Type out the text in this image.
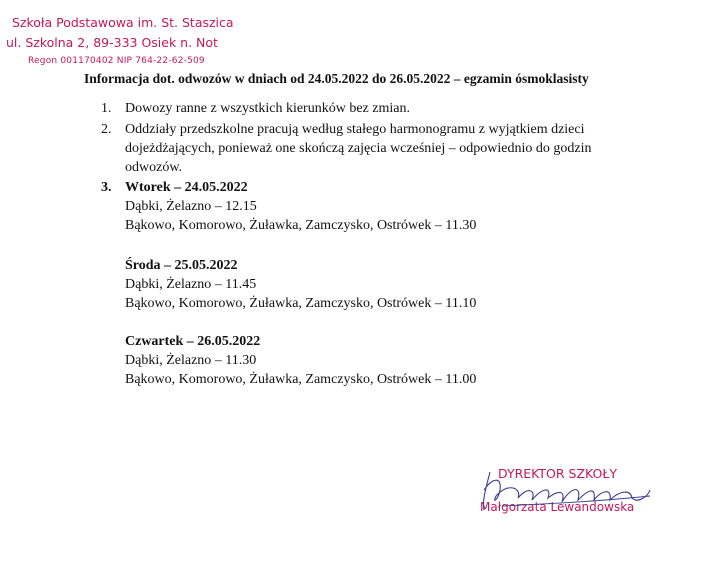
Szkoła Podstawowa im. St. Staszica
ul. Szkolna 2, 89-333 Osiek n. Not
Regon 001170402 NIP 764-22-62-509
Informacja dot. odwozów w dniach od 24.05.2022 do 26.05.2022 – egzamin ósmoklasisty
1. Dowozy ranne z wszystkich kierunków bez zmian.
2. Oddziały przedszkolne pracują według stałego harmonogramu z wyjątkiem dzieci
dojeżdżających, ponieważ one skończą zajęcia wcześniej – odpowiednio do godzin
odwozów.
3. Wtorek – 24.05.2022
Dąbki, Żelazno – 12.15
Bąkowo, Komorowo, Żuławka, Zamczysko, Ostrówek – 11.30
Środa – 25.05.2022
Dąbki, Żelazno – 11.45
Bąkowo, Komorowo, Żuławka, Zamczysko, Ostrówek – 11.10
Czwartek – 26.05.2022
Dąbki, Żelazno – 11.30
Bąkowo, Komorowo, Żuławka, Zamczysko, Ostrówek – 11.00
DYREKTOR SZKOŁY
Małgorzata Lewandowska
